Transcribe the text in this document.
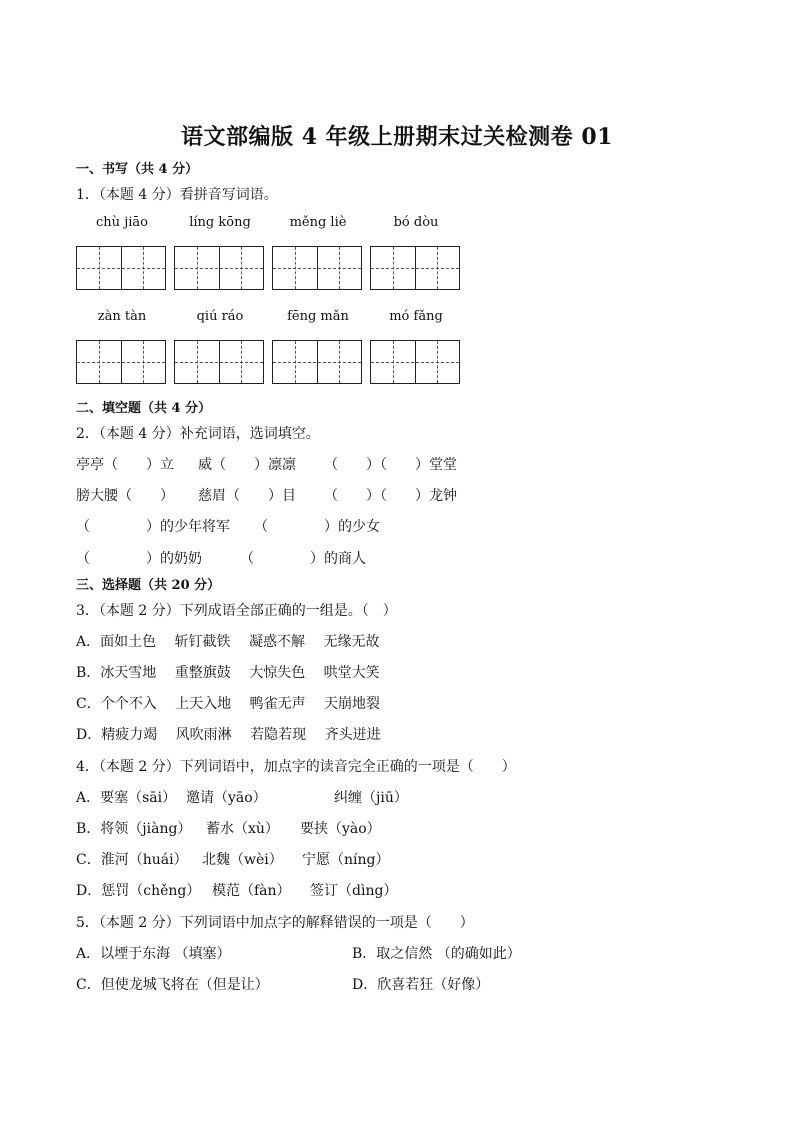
语文部编版 4 年级上册期末过关检测卷 01
一、书写（共 4 分）
1．（本题 4 分）看拼音写词语。
chù jiāo	líng kōng	měng liè	bó dòu
zàn tàn	qiú ráo	fēng mǎn	mó fǎng
二、填空题（共 4 分）
2．（本题 4 分）补充词语，选词填空。
亭亭（　　）立 威（　　）凛凛 （　　）（　　）堂堂
膀大腰（　　） 慈眉（　　）目 （　　）（　　）龙钟
（　　　　）的少年将军 （　　　　）的少女
（　　　　）的奶奶	（　　　　）的商人
三、选择题（共 20 分）
3．（本题 2 分）下列成语全部正确的一组是。（　）
A．面如土色　 斩钉截铁　 凝惑不解　 无缘无故
B．冰天雪地　 重整旗鼓　 大惊失色　 哄堂大笑
C．个个不入　 上天入地　 鸭雀无声　 天崩地裂
D．精疲力竭　 风吹雨淋　 若隐若现　 齐头迸进
4．（本题 2 分）下列词语中，加点字的读音完全正确的一项是（　　）
A．要塞（sāi） 邀请（yāo）	纠缠（jiū）
B．将领（jiàng） 蓄水（xù） 要挟（yào）
C．淮河（huái） 北魏（wèi） 宁愿（níng）
D．惩罚（chěng） 模范（fàn） 签订（dìng）
5．（本题 2 分）下列词语中加点字的解释错误的一项是（　　）
A．以堙于东海 （填塞）	B．取之信然 （的确如此）
C．但使龙城飞将在（但是让）	D．欣喜若狂（好像）
